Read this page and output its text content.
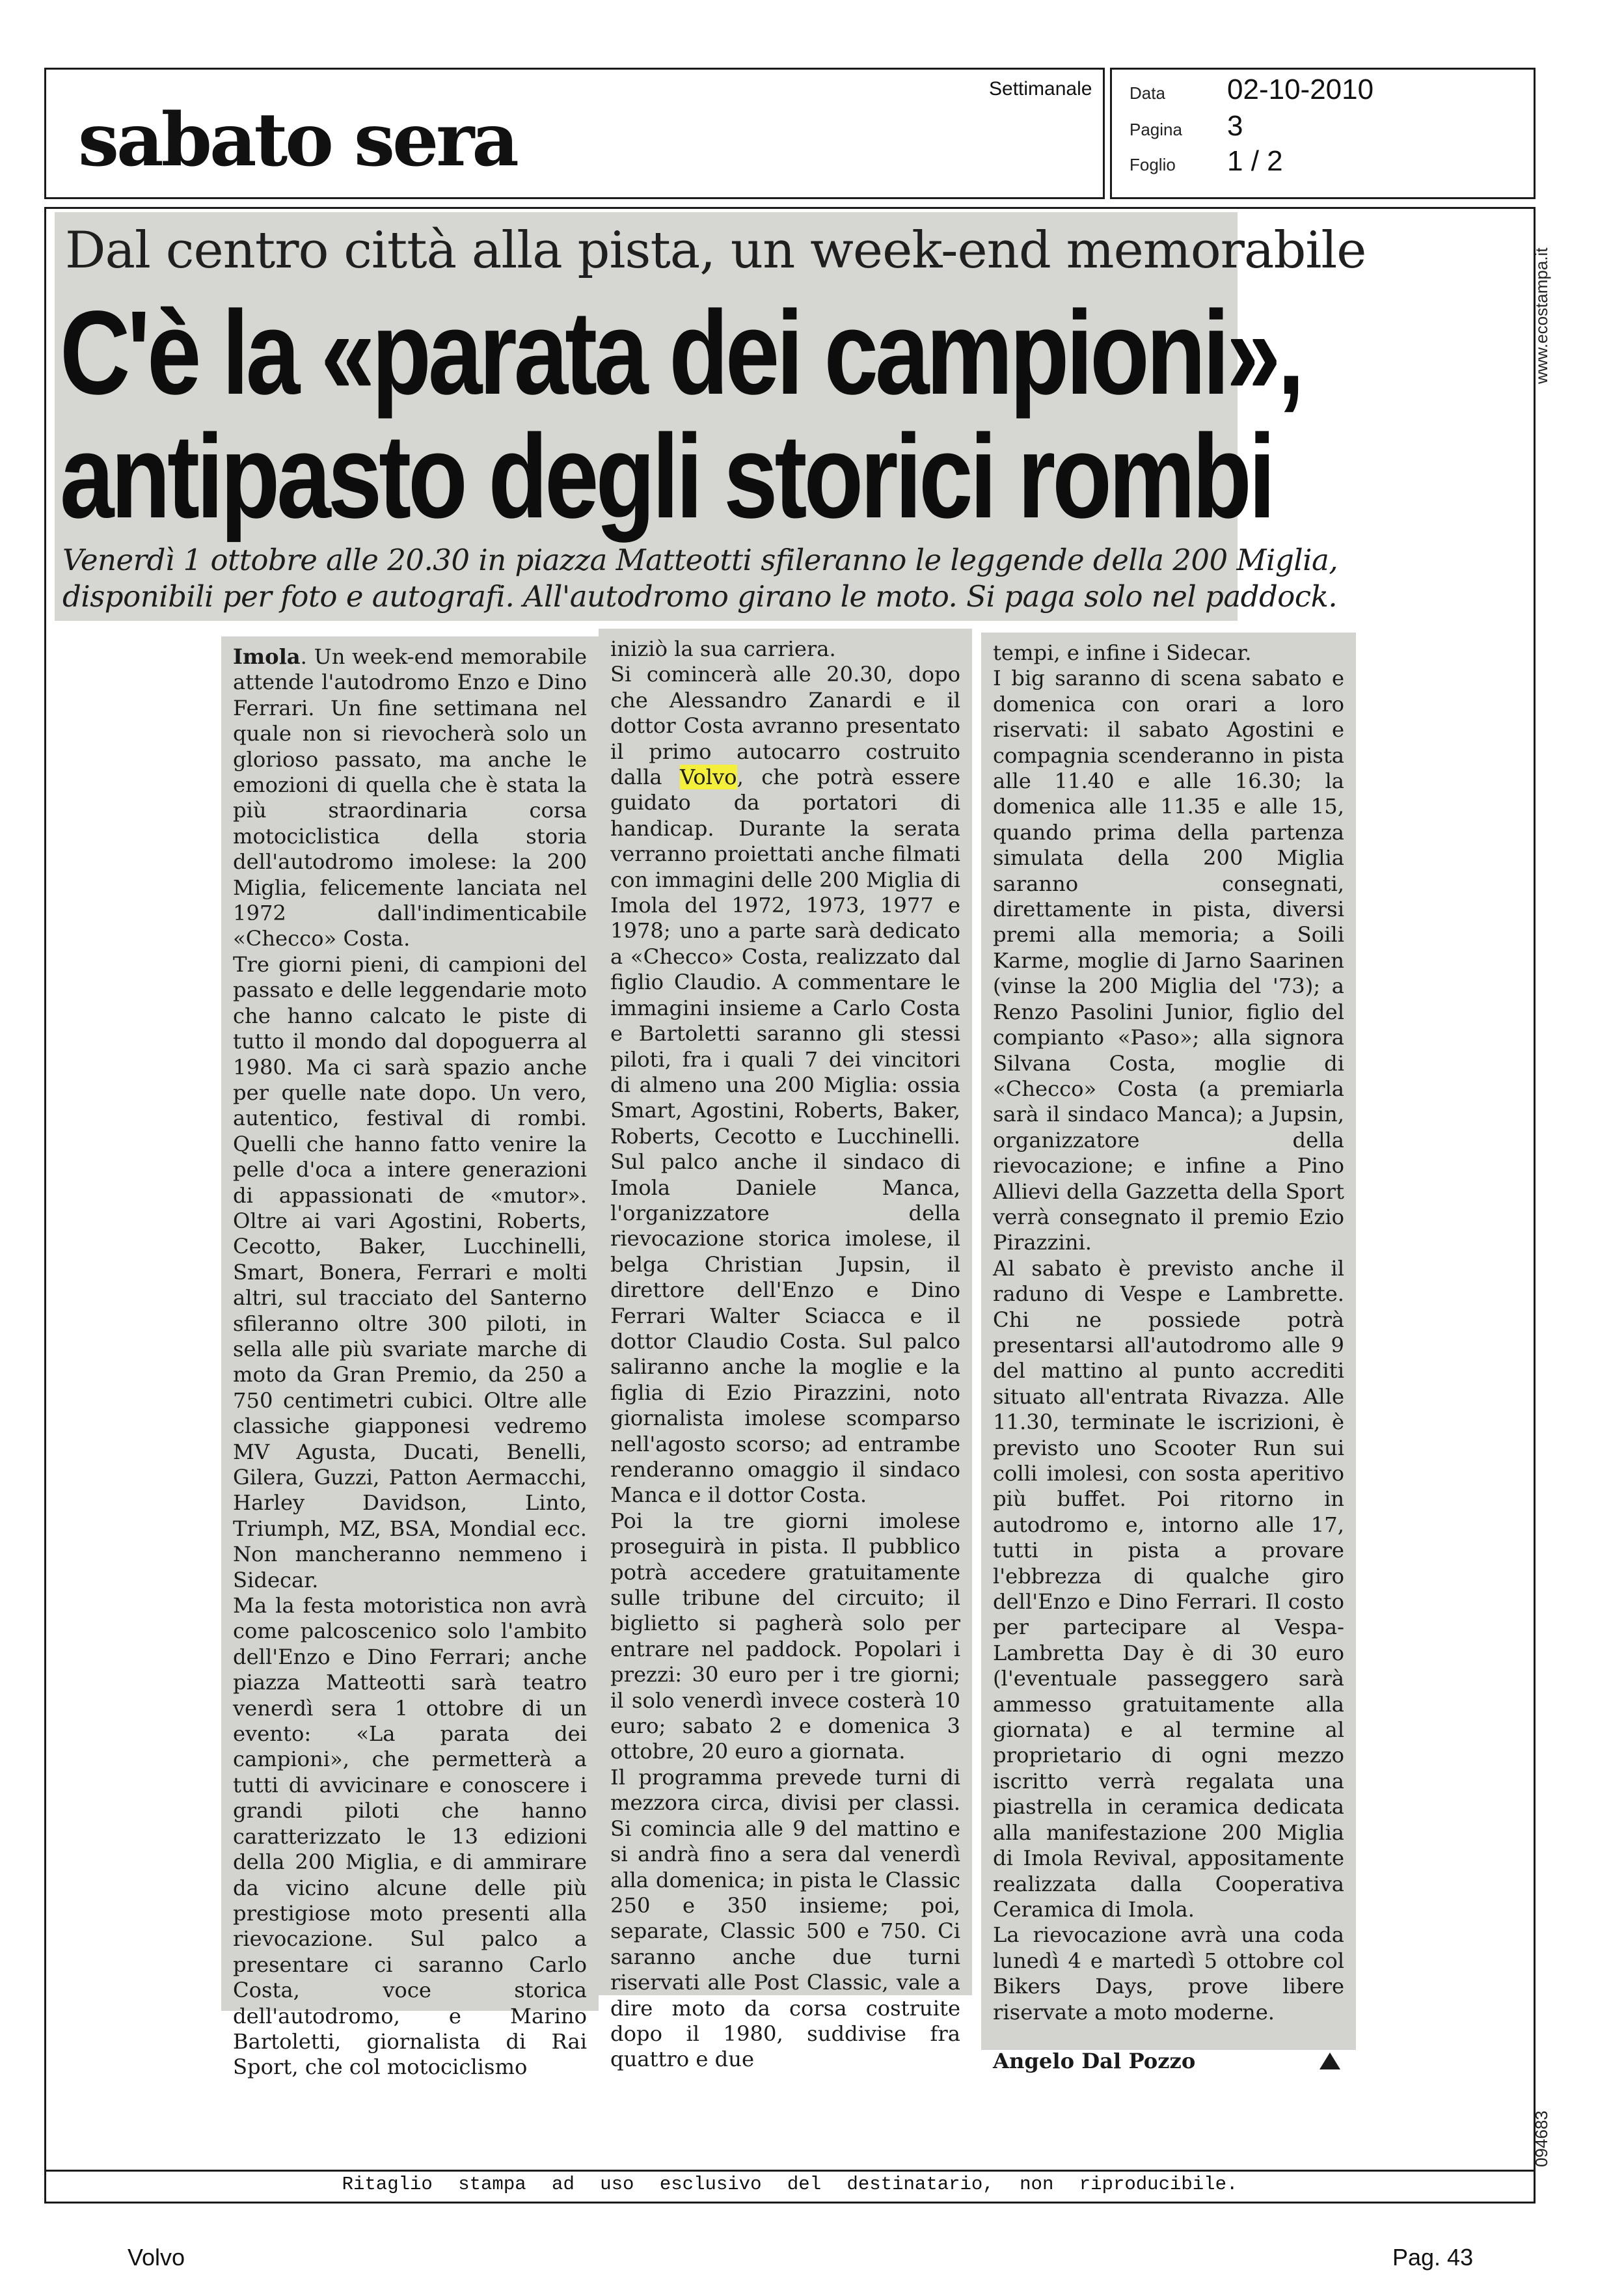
sabato sera
Settimanale Data 02-10-2010
Pagina 3
Foglio 1 / 2
www.ecostampa.it
094683
Dal centro città alla pista, un week-end memorabile
C'è la «parata dei campioni»,
antipasto degli storici rombi
Venerdì 1 ottobre alle 20.30 in piazza Matteotti sfileranno le leggende della 200 Miglia,
disponibili per foto e autografi. All'autodromo girano le moto. Si paga solo nel paddock.

Imola. Un week-end memorabile attende l'autodromo Enzo e Dino Ferrari. Un fine settimana nel quale non si rievocherà solo un glorioso passato, ma anche le emozioni di quella che è stata la più straordinaria corsa motociclistica della storia dell'autodromo imolese: la 200 Miglia, felicemente lanciata nel 1972 dall'indimenticabile «Checco» Costa.

Tre giorni pieni, di campioni del passato e delle leggendarie moto che hanno calcato le piste di tutto il mondo dal dopoguerra al 1980. Ma ci sarà spazio anche per quelle nate dopo. Un vero, autentico, festival di rombi. Quelli che hanno fatto venire la pelle d'oca a intere generazioni di appassionati de «mutor». Oltre ai vari Agostini, Roberts, Cecotto, Baker, Lucchinelli, Smart, Bonera, Ferrari e molti altri, sul tracciato del Santerno sfileranno oltre 300 piloti, in sella alle più svariate marche di moto da Gran Premio, da 250 a 750 centimetri cubici. Oltre alle classiche giapponesi vedremo MV Agusta, Ducati, Benelli, Gilera, Guzzi, Patton Aermacchi, Harley Davidson, Linto, Triumph, MZ, BSA, Mondial ecc. Non mancheranno nemmeno i Sidecar.

Ma la festa motoristica non avrà come palcoscenico solo l'ambito dell'Enzo e Dino Ferrari; anche piazza Matteotti sarà teatro venerdì sera 1 ottobre di un evento: «La parata dei campioni», che permetterà a tutti di avvicinare e conoscere i grandi piloti che hanno caratterizzato le 13 edizioni della 200 Miglia, e di ammirare da vicino alcune delle più prestigiose moto presenti alla rievocazione. Sul palco a presentare ci saranno Carlo Costa, voce storica dell'autodromo, e Marino Bartoletti, giornalista di Rai Sport, che col motociclismo

iniziò la sua carriera.

Si comincerà alle 20.30, dopo che Alessandro Zanardi e il dottor Costa avranno presentato il primo autocarro costruito dalla Volvo, che potrà essere guidato da portatori di handicap. Durante la serata verranno proiettati anche filmati con immagini delle 200 Miglia di Imola del 1972, 1973, 1977 e 1978; uno a parte sarà dedicato a «Checco» Costa, realizzato dal figlio Claudio. A commentare le immagini insieme a Carlo Costa e Bartoletti saranno gli stessi piloti, fra i quali 7 dei vincitori di almeno una 200 Miglia: ossia Smart, Agostini, Roberts, Baker, Roberts, Cecotto e Lucchinelli. Sul palco anche il sindaco di Imola Daniele Manca, l'organizzatore della rievocazione storica imolese, il belga Christian Jupsin, il direttore dell'Enzo e Dino Ferrari Walter Sciacca e il dottor Claudio Costa. Sul palco saliranno anche la moglie e la figlia di Ezio Pirazzini, noto giornalista imolese scomparso nell'agosto scorso; ad entrambe renderanno omaggio il sindaco Manca e il dottor Costa.

Poi la tre giorni imolese proseguirà in pista. Il pubblico potrà accedere gratuitamente sulle tribune del circuito; il biglietto si pagherà solo per entrare nel paddock. Popolari i prezzi: 30 euro per i tre giorni; il solo venerdì invece costerà 10 euro; sabato 2 e domenica 3 ottobre, 20 euro a giornata.

Il programma prevede turni di mezzora circa, divisi per classi. Si comincia alle 9 del mattino e si andrà fino a sera dal venerdì alla domenica; in pista le Classic 250 e 350 insieme; poi, separate, Classic 500 e 750. Ci saranno anche due turni riservati alle Post Classic, vale a dire moto da corsa costruite dopo il 1980, suddivise fra quattro e due

tempi, e infine i Sidecar.

I big saranno di scena sabato e domenica con orari a loro riservati: il sabato Agostini e compagnia scenderanno in pista alle 11.40 e alle 16.30; la domenica alle 11.35 e alle 15, quando prima della partenza simulata della 200 Miglia saranno consegnati, direttamente in pista, diversi premi alla memoria; a Soili Karme, moglie di Jarno Saarinen (vinse la 200 Miglia del '73); a Renzo Pasolini Junior, figlio del compianto «Paso»; alla signora Silvana Costa, moglie di «Checco» Costa (a premiarla sarà il sindaco Manca); a Jupsin, organizzatore della rievocazione; e infine a Pino Allievi della Gazzetta della Sport verrà consegnato il premio Ezio Pirazzini.

Al sabato è previsto anche il raduno di Vespe e Lambrette. Chi ne possiede potrà presentarsi all'autodromo alle 9 del mattino al punto accrediti situato all'entrata Rivazza. Alle 11.30, terminate le iscrizioni, è previsto uno Scooter Run sui colli imolesi, con sosta aperitivo più buffet. Poi ritorno in autodromo e, intorno alle 17, tutti in pista a provare l'ebbrezza di qualche giro dell'Enzo e Dino Ferrari. Il costo per partecipare al Vespa-Lambretta Day è di 30 euro (l'eventuale passeggero sarà ammesso gratuitamente alla giornata) e al termine al proprietario di ogni mezzo iscritto verrà regalata una piastrella in ceramica dedicata alla manifestazione 200 Miglia di Imola Revival, appositamente realizzata dalla Cooperativa Ceramica di Imola.

La rievocazione avrà una coda lunedì 4 e martedì 5 ottobre col Bikers Days, prove libere riservate a moto moderne.

Angelo Dal Pozzo
Ritaglio stampa ad uso esclusivo del destinatario, non riproducibile.
Volvo	Pag. 43
